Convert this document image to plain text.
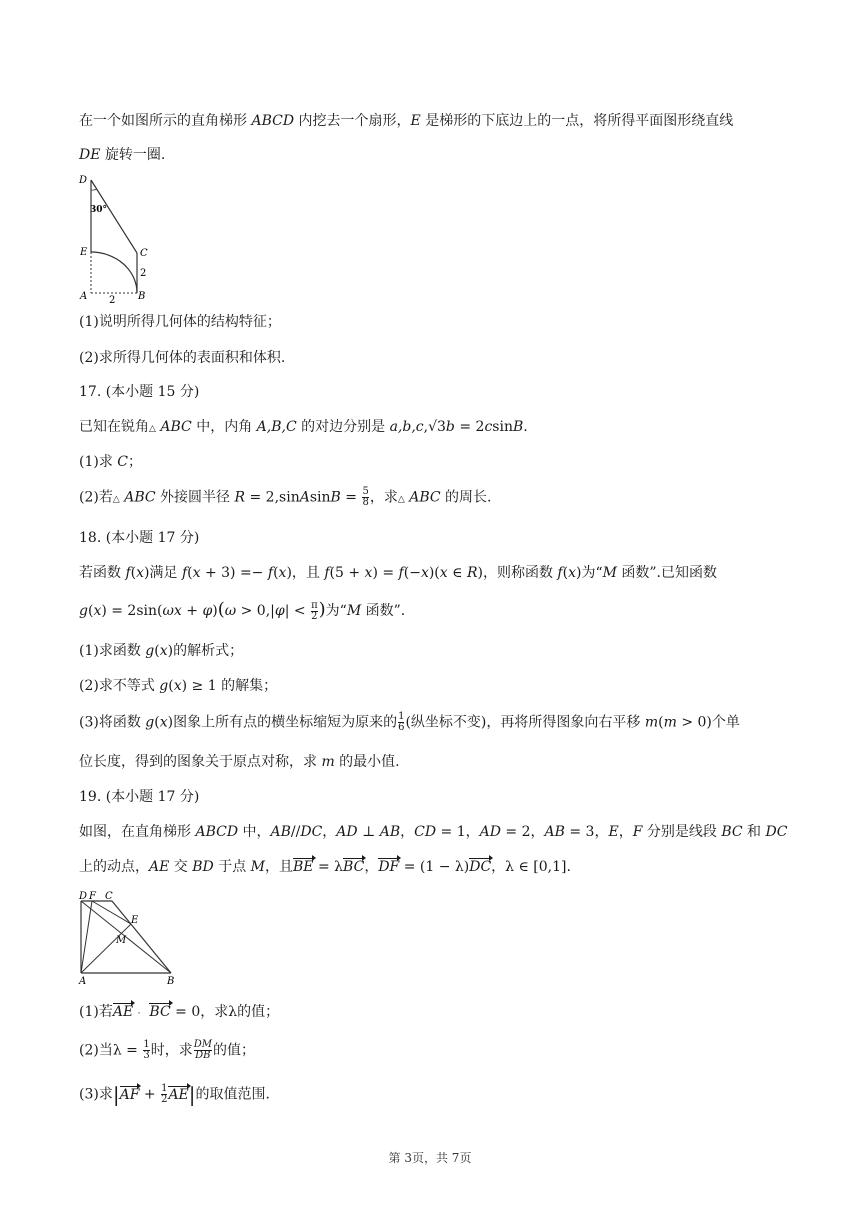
在一个如图所示的直角梯形 ABCD 内挖去一个扇形，E 是梯形的下底边上的一点，将所得平面图形绕直线
DE 旋转一圈.
D
30°
E	C
2
A 2 B
(1)说明所得几何体的结构特征；
(2)求所得几何体的表面积和体积.
17. (本小题 15 分)
已知在锐角△ ABC 中，内角 A,B,C 的对边分别是 a,b,c,√3b = 2csinB.
(1)求 C；
(2)若△ ABC 外接圆半径 R = 2,sinAsinB = $\frac{5}{8}$ ，求△ ABC 的周长.
18. (本小题 17 分)
若函数 f(x)满足 f(x + 3) =− f(x)，且 f(5 + x) = f(−x)(x ∈ R)，则称函数 f(x)为“M 函数”.已知函数
$g(x) = 2\sin(\omega x + \varphi)(\omega > 0,|\varphi| < \frac{\pi}{2}$ )为“M 函数”.
(1)求函数 g(x)的解析式；
(2)求不等式 g(x) ≥ 1 的解集；
(3)将函数 g(x)图象上所有点的横坐标缩短为原来的 $\frac{1}{6}$ (纵坐标不变)，再将所得图象向右平移 m(m > 0)个单
位长度，得到的图象关于原点对称，求 m 的最小值.
19. (本小题 17 分)
如图，在直角梯形 ABCD 中，AB//DC，AD ⊥ AB，CD = 1，AD = 2，AB = 3，E，F 分别是线段 BC 和 DC
上的动点，AE 交 BD 于点 M，且BE = λBC，DF = (1 − λ)DC，λ ∈ [0,1].
D F C
E
M
A	B
(1)若AE · BC = 0，求λ的值；
(2)当$\lambda = \frac{1}{3}$ 时，求 $\frac{DM}{DB}$ 的值；
(3)求$|AF + \frac{1}{2} AE|$的取值范围.
第 3页，共 7页
